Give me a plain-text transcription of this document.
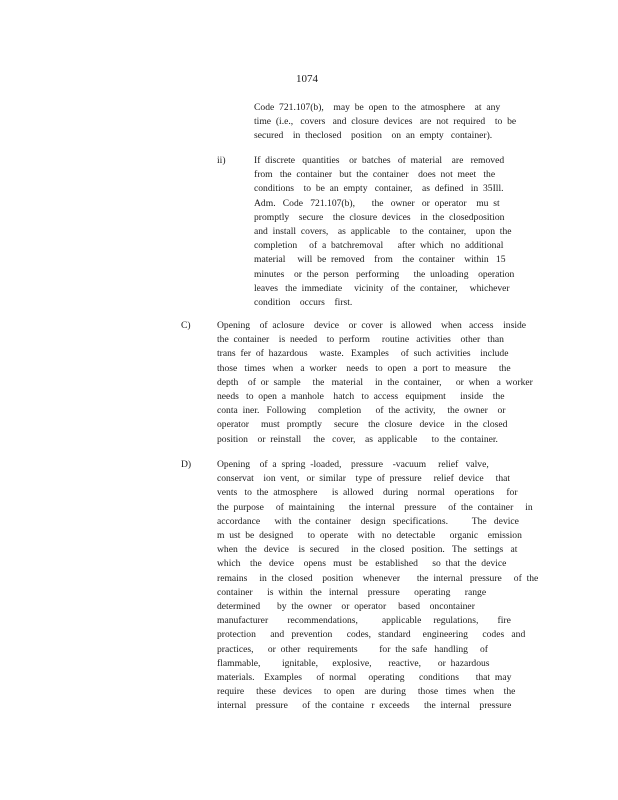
1074
Code  721.107(b),    may  be  open  to  the  atmosphere    at  any
time  (i.e.,   covers   and  closure  devices   are  not  required    to  be
secured    in  theclosed    position    on  an  empty   container).
ii)	If  discrete   quantities    or  batches   of  material    are   removed
from   the  container   but  the  container    does  not  meet   the
conditions    to  be  an  empty   container,    as  defined   in  35Ill.
Adm.   Code   721.107(b),       the   owner   or  operator    mu  st
promptly    secure    the  closure  devices    in  the  closedposition
and  install  covers,    as  applicable    to  the  container,    upon  the
completion     of  a  batchremoval      after  which   no  additional
material     will  be  removed    from    the  container    within   15
minutes    or  the  person   performing      the  unloading    operation
leaves   the  immediate     vicinity   of  the  container,     whichever
condition    occurs    first.
C)	Opening    of  aclosure    device    or  cover   is  allowed    when   access    inside
the  container    is  needed    to  perform     routine   activities    other   than
trans  fer  of  hazardous     waste.   Examples     of  such  activities    include
those   times   when   a  worker    needs   to  open   a  port  to  measure     the
depth    of  or  sample     the   material     in  the  container,      or  when   a  worker
needs   to  open  a  manhole    hatch   to  access   equipment      inside    the
conta  iner.   Following     completion      of  the  activity,     the  owner    or
operator     must   promptly     secure    the  closure   device    in  the  closed
position    or  reinstall     the   cover,    as  applicable      to  the  container.
D)	Opening    of  a  spring  -loaded,    pressure    -vacuum     relief   valve,
conservat    ion  vent,   or  similar    type  of  pressure     relief  device     that
vents   to  the  atmosphere      is  allowed    during    normal    operations     for
the  purpose     of  maintaining      the  internal    pressure     of  the  container     in
accordance      with   the  container    design   specifications.          The   device
m  ust  be  designed      to  operate    with   no  detectable      organic    emission
when   the   device    is  secured     in  the  closed   position.   The   settings   at
which    the   device    opens   must   be   established      so  that  the  device
remains     in  the  closed    position    whenever       the  internal   pressure     of  the
container      is  within   the   internal    pressure      operating      range
determined       by  the  owner    or  operator     based    oncontainer
manufacturer        recommendations,          applicable     regulations,        fire
protection      and   prevention      codes,   standard     engineering      codes   and
practices,      or  other   requirements         for  the  safe   handling     of
flammable,         ignitable,      explosive,       reactive,       or  hazardous
materials.    Examples      of  normal     operating      conditions       that  may
require     these   devices     to  open    are  during     those   times   when    the
internal    pressure      of  the  containe   r  exceeds      the  internal    pressure
